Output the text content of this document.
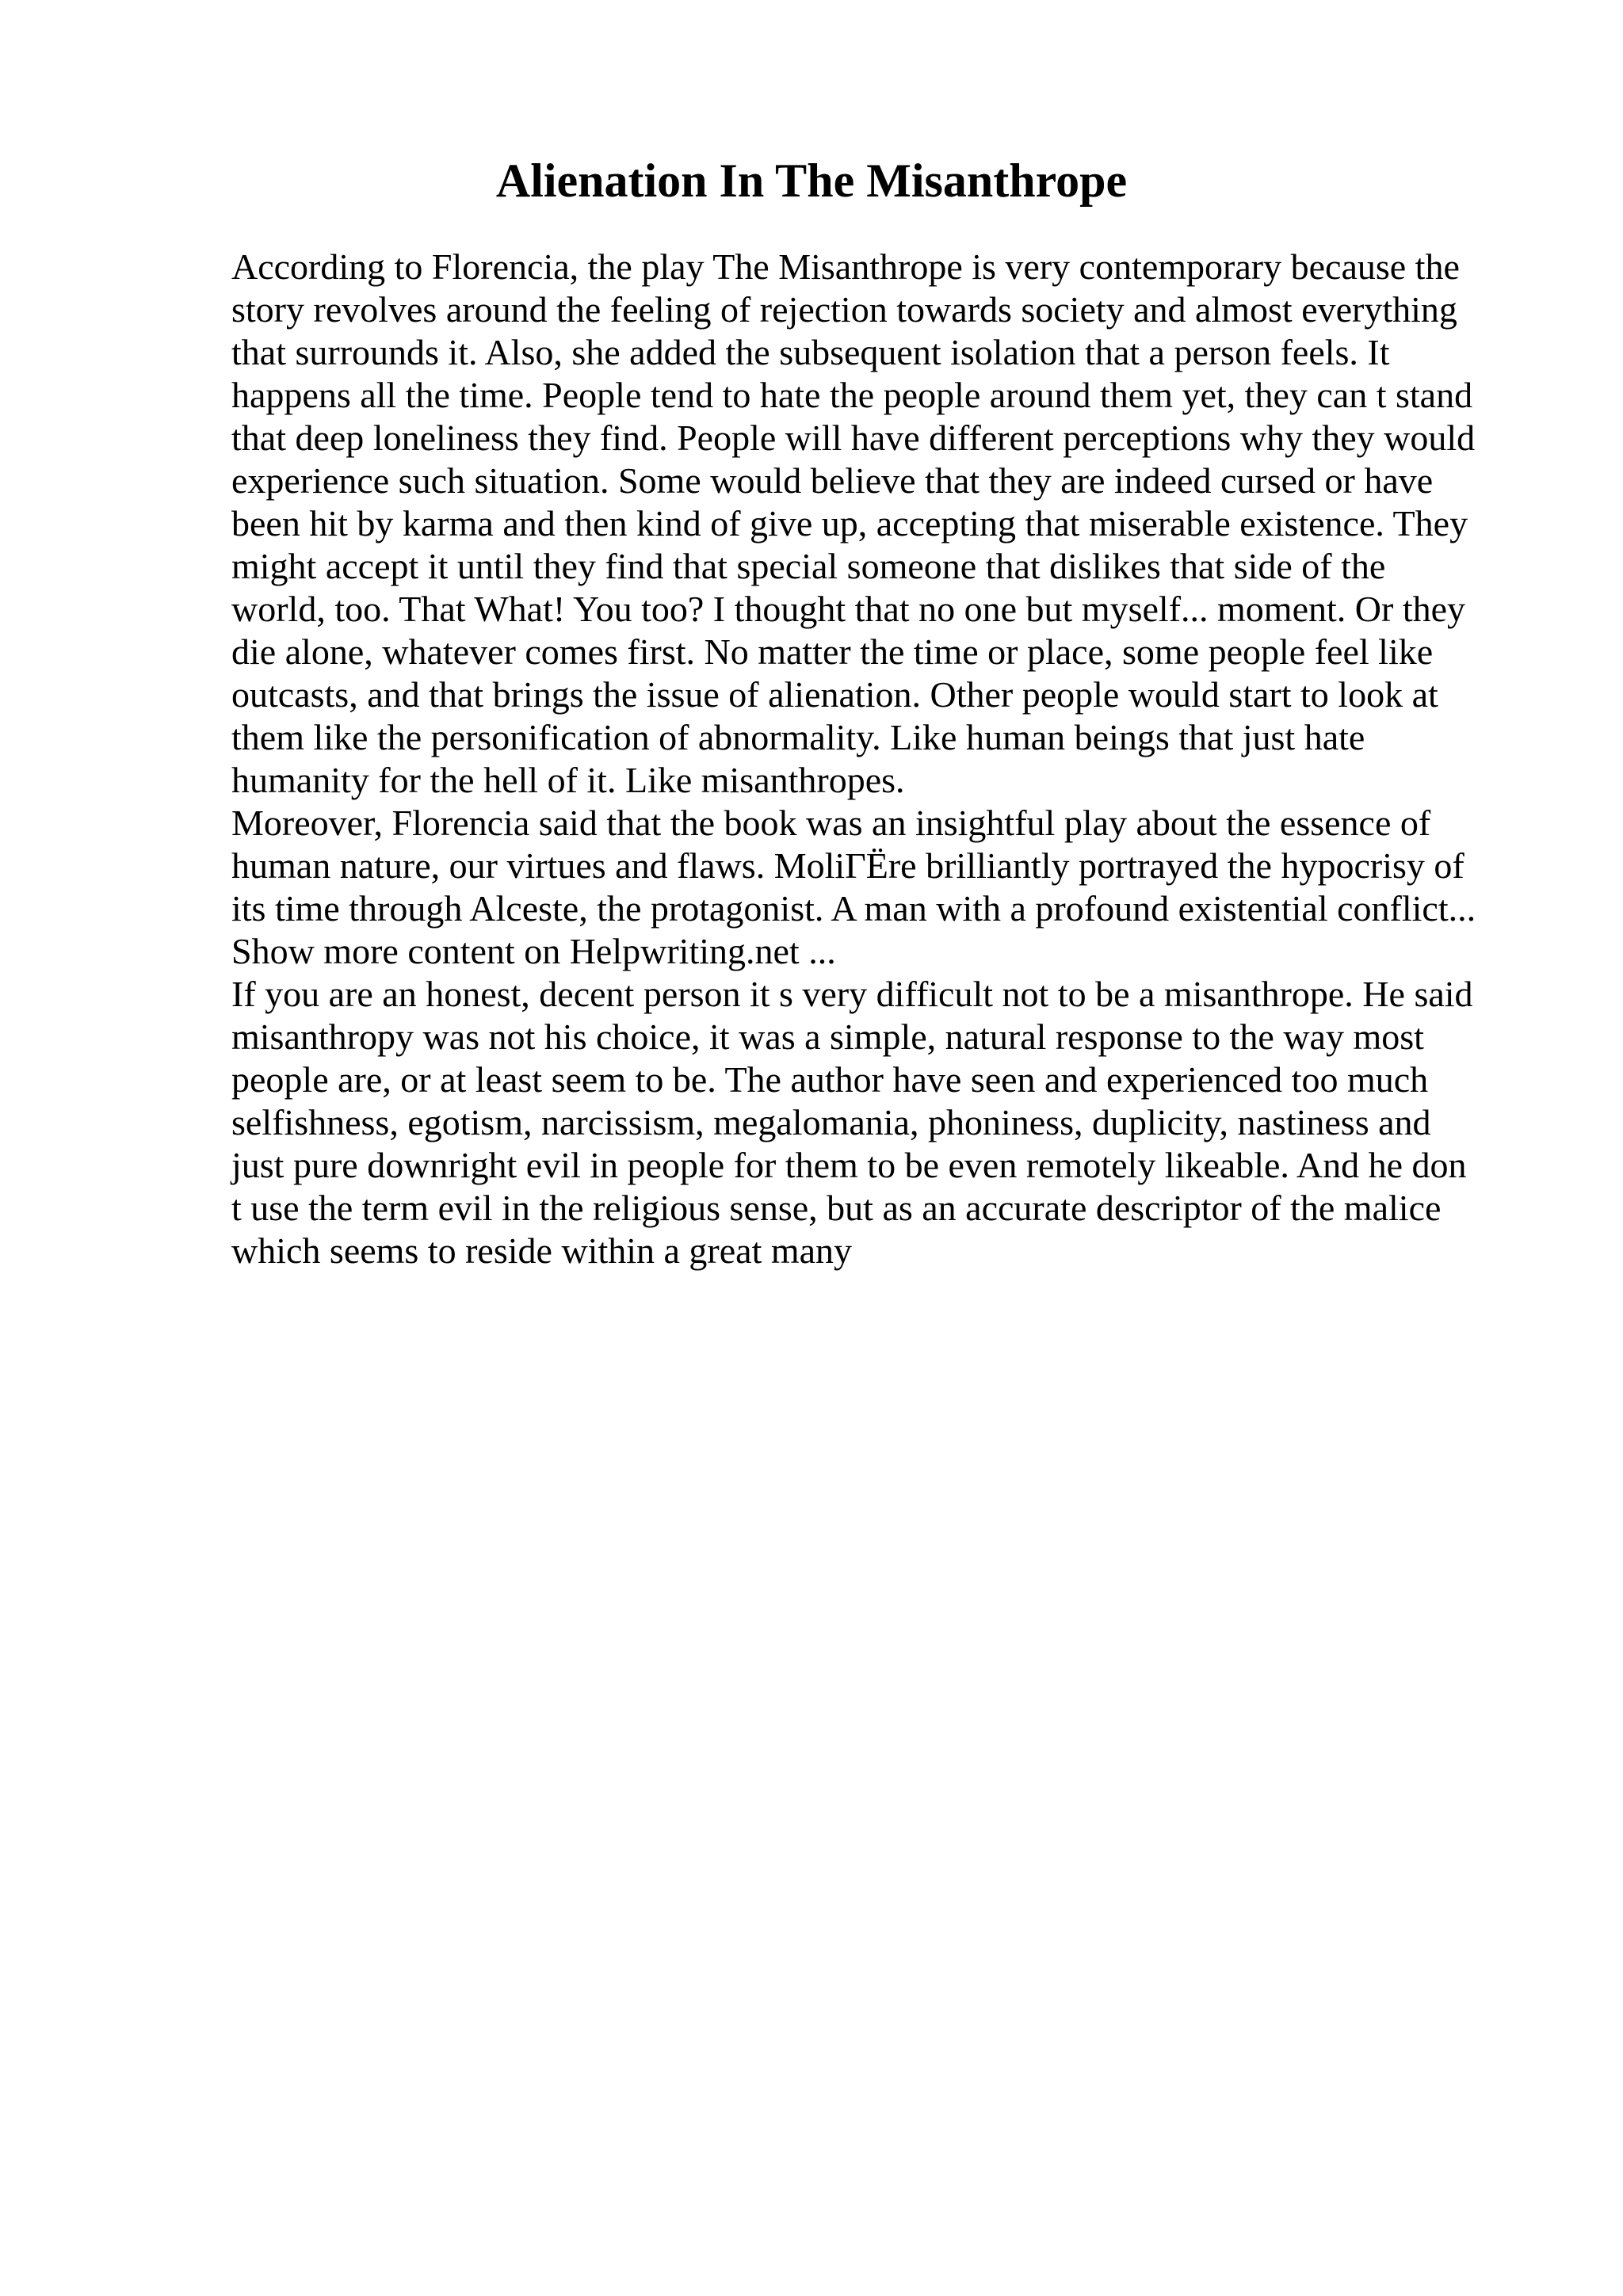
Alienation In The Misanthrope
According to Florencia, the play The Misanthrope is very contemporary because the
story revolves around the feeling of rejection towards society and almost everything
that surrounds it. Also, she added the subsequent isolation that a person feels. It
happens all the time. People tend to hate the people around them yet, they can t stand
that deep loneliness they find. People will have different perceptions why they would
experience such situation. Some would believe that they are indeed cursed or have
been hit by karma and then kind of give up, accepting that miserable existence. They
might accept it until they find that special someone that dislikes that side of the
world, too. That What! You too? I thought that no one but myself... moment. Or they
die alone, whatever comes first. No matter the time or place, some people feel like
outcasts, and that brings the issue of alienation. Other people would start to look at
them like the personification of abnormality. Like human beings that just hate
humanity for the hell of it. Like misanthropes.
Moreover, Florencia said that the book was an insightful play about the essence of
human nature, our virtues and flaws. MoliГËre brilliantly portrayed the hypocrisy of
its time through Alceste, the protagonist. A man with a profound existential conflict...
Show more content on Helpwriting.net ...
If you are an honest, decent person it s very difficult not to be a misanthrope. He said
misanthropy was not his choice, it was a simple, natural response to the way most
people are, or at least seem to be. The author have seen and experienced too much
selfishness, egotism, narcissism, megalomania, phoniness, duplicity, nastiness and
just pure downright evil in people for them to be even remotely likeable. And he don
t use the term evil in the religious sense, but as an accurate descriptor of the malice
which seems to reside within a great many
